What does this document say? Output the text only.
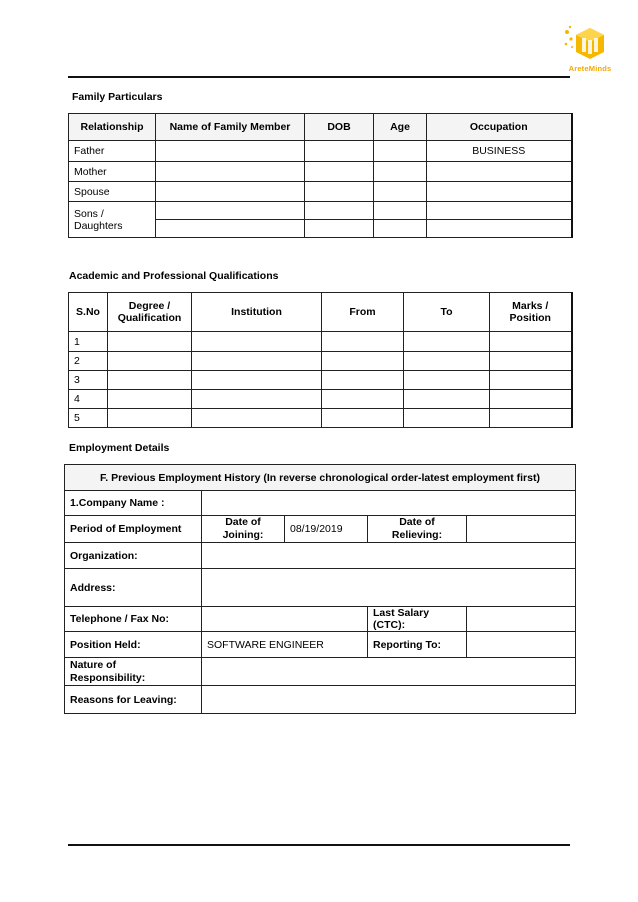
AreteMinds
Family Particulars
Relationship	Name of Family Member	DOB	Age	Occupation
Father				BUSINESS
Mother				
Spouse				
Sons / Daughters				

Academic and Professional Qualifications
S.No	Degree / Qualification	Institution	From	To	Marks / Position
1					
2					
3					
4					
5					
Employment Details
F. Previous Employment History (In reverse chronological order-latest employment first)				
1.Company Name :				
Period of Employment	Date of Joining:	08/19/2019	Date of Relieving:	
Organization:				
Address:				
Telephone / Fax No:			Last Salary (CTC):	
Position Held:	SOFTWARE ENGINEER		Reporting To:	
Nature of Responsibility:				
Reasons for Leaving:				
